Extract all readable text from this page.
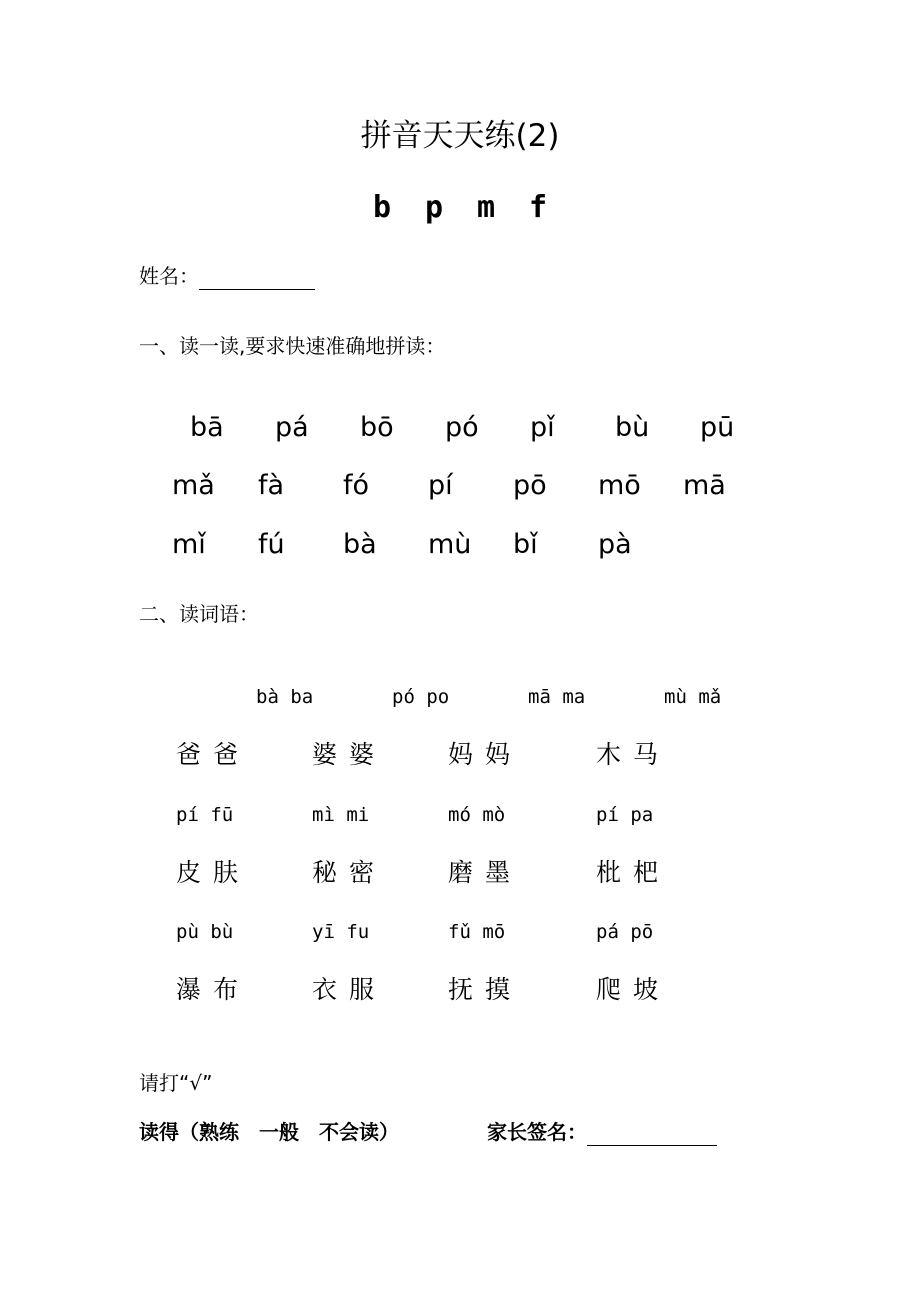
拼音天天练(2)
b	p	m	f
姓名：
一、读一读,要求快速准确地拼读：
bā pá bō pó pǐ bù pū
mǎ fà fó pí pō mō mā
mǐ fú bà mù bǐ pà
二、读词语：
bà ba	pó po	mā ma	mù mǎ
爸爸 婆婆 妈妈	木马
pí fū	mì mi	mó mò	pí pa
皮肤 秘密 磨墨	枇杷
pù bù	yī fu	fǔ mō	pá pō
瀑布 衣服 抚摸	爬坡
请打“√”
读得（熟练　一般　不会读）	家长签名：
